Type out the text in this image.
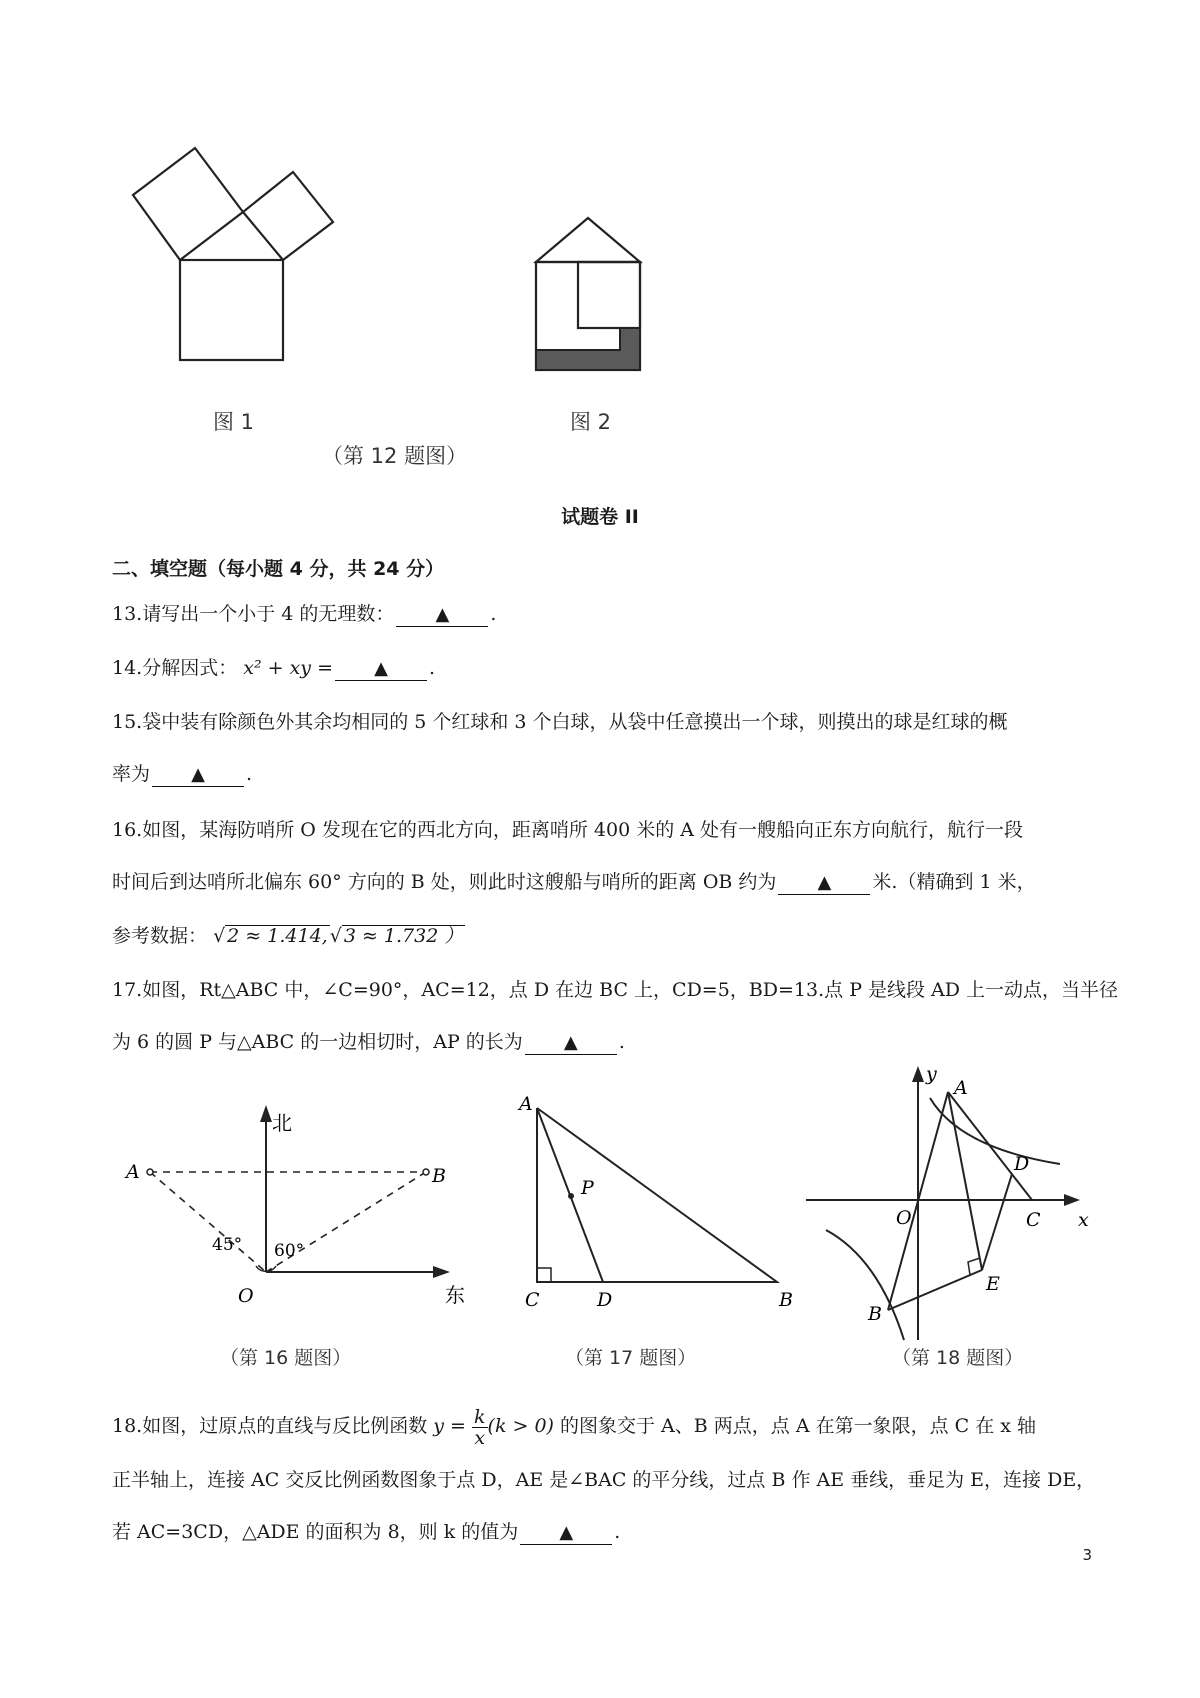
图 1	图 2
（第 12 题图）
试题卷 II
二、填空题（每小题 4 分，共 24 分）
13.请写出一个小于 4 的无理数： ▲ .
14.分解因式： x² + xy = ▲ .
15.袋中装有除颜色外其余均相同的 5 个红球和 3 个白球，从袋中任意摸出一个球，则摸出的球是红球的概
率为 ▲ .
16.如图，某海防哨所 O 发现在它的西北方向，距离哨所 400 米的 A 处有一艘船向正东方向航行，航行一段
时间后到达哨所北偏东 60° 方向的 B 处，则此时这艘船与哨所的距离 OB 约为 ▲ 米.（精确到 1 米，
参考数据： √ 2 ≈ 1.414,√ 3 ≈ 1.732 ）
17.如图，Rt△ABC 中，∠C=90°，AC=12，点 D 在边 BC 上，CD=5，BD=13.点 P 是线段 AD 上一动点，当半径
为 6 的圆 P 与△ABC 的一边相切时，AP 的长为 ▲ .
北
东
A	B
O
45° 60°
（第 16 题图）
A
B
C	D
P
（第 17 题图）
y
x
A
D
C
O
B
E
（第 18 题图）
18.如图，过原点的直线与反比例函数 $y = \frac{k}{x} (k > 0)$ 的图象交于 A、B 两点，点 A 在第一象限，点 C 在 x 轴
正半轴上，连接 AC 交反比例函数图象于点 D，AE 是∠BAC 的平分线，过点 B 作 AE 垂线，垂足为 E，连接 DE，
若 AC=3CD，△ADE 的面积为 8，则 k 的值为 ▲ .
3
